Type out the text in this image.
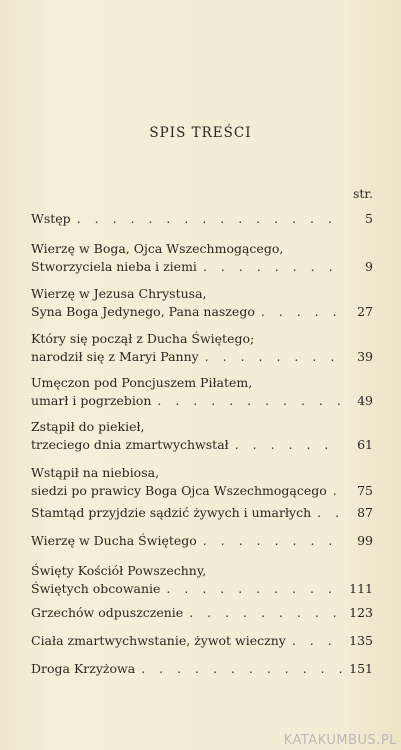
SPIS TREŚCI
str.
Wstęp . . .	5
Wierzę w Boga, Ojca Wszechmogącego,
Stworzyciela nieba i ziemi . . .	9
Wierzę w Jezusa Chrystusa,
Syna Boga Jedynego, Pana naszego . . .	27
Który się począł z Ducha Świętego;
narodził się z Maryi Panny . . .	39
Umęczon pod Poncjuszem Piłatem,
umarł i pogrzebion . . .	49
Zstąpił do piekieł,
trzeciego dnia zmartwychwstał . . .	61
Wstąpił na niebiosa,
siedzi po prawicy Boga Ojca Wszechmogącego . . .	75
Stamtąd przyjdzie sądzić żywych i umarłych . . .	87
Wierzę w Ducha Świętego . . .	99
Święty Kościół Powszechny,
Świętych obcowanie . . .	111
Grzechów odpuszczenie . . .	123
Ciała zmartwychwstanie, żywot wieczny . . .	135
Droga Krzyżowa . . .	151
KATAKUMBUS.PL
